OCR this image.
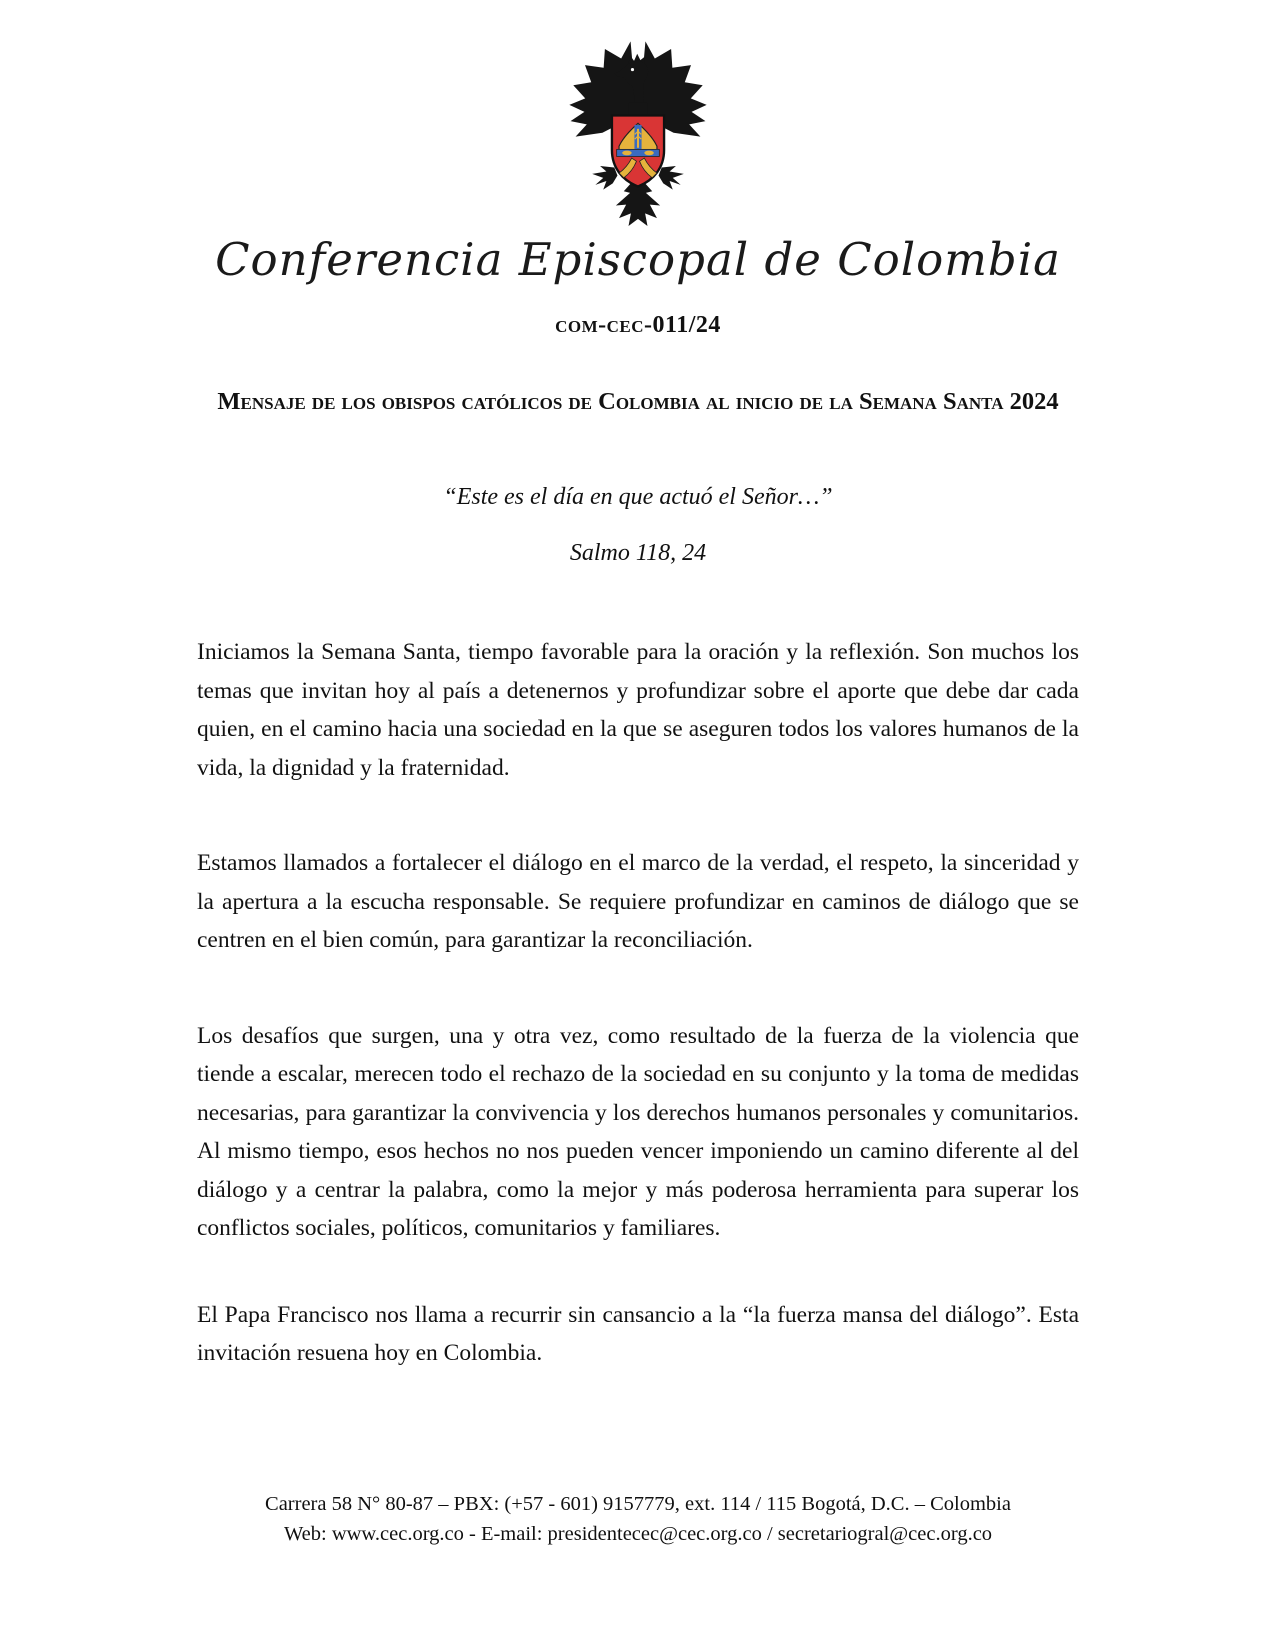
Conferencia Episcopal de Colombia
com-cec-011/24
Mensaje de los obispos católicos de Colombia al inicio de la Semana Santa 2024
“Este es el día en que actuó el Señor…”
Salmo 118, 24

Iniciamos la Semana Santa, tiempo favorable para la oración y la reflexión. Son muchos los temas que invitan hoy al país a detenernos y profundizar sobre el aporte que debe dar cada quien, en el camino hacia una sociedad en la que se aseguren todos los valores humanos de la vida, la dignidad y la fraternidad.

Estamos llamados a fortalecer el diálogo en el marco de la verdad, el respeto, la sinceridad y la apertura a la escucha responsable. Se requiere profundizar en caminos de diálogo que se centren en el bien común, para garantizar la reconciliación.

Los desafíos que surgen, una y otra vez, como resultado de la fuerza de la violencia que tiende a escalar, merecen todo el rechazo de la sociedad en su conjunto y la toma de medidas necesarias, para garantizar la convivencia y los derechos humanos personales y comunitarios. Al mismo tiempo, esos hechos no nos pueden vencer imponiendo un camino diferente al del diálogo y a centrar la palabra, como la mejor y más poderosa herramienta para superar los conflictos sociales, políticos, comunitarios y familiares.

El Papa Francisco nos llama a recurrir sin cansancio a la “la fuerza mansa del diálogo”. Esta invitación resuena hoy en Colombia.

Carrera 58 N° 80-87 – PBX: (+57 - 601) 9157779, ext. 114 / 115 Bogotá, D.C. – Colombia
Web: www.cec.org.co - E-mail: presidentecec@cec.org.co / secretariogral@cec.org.co
